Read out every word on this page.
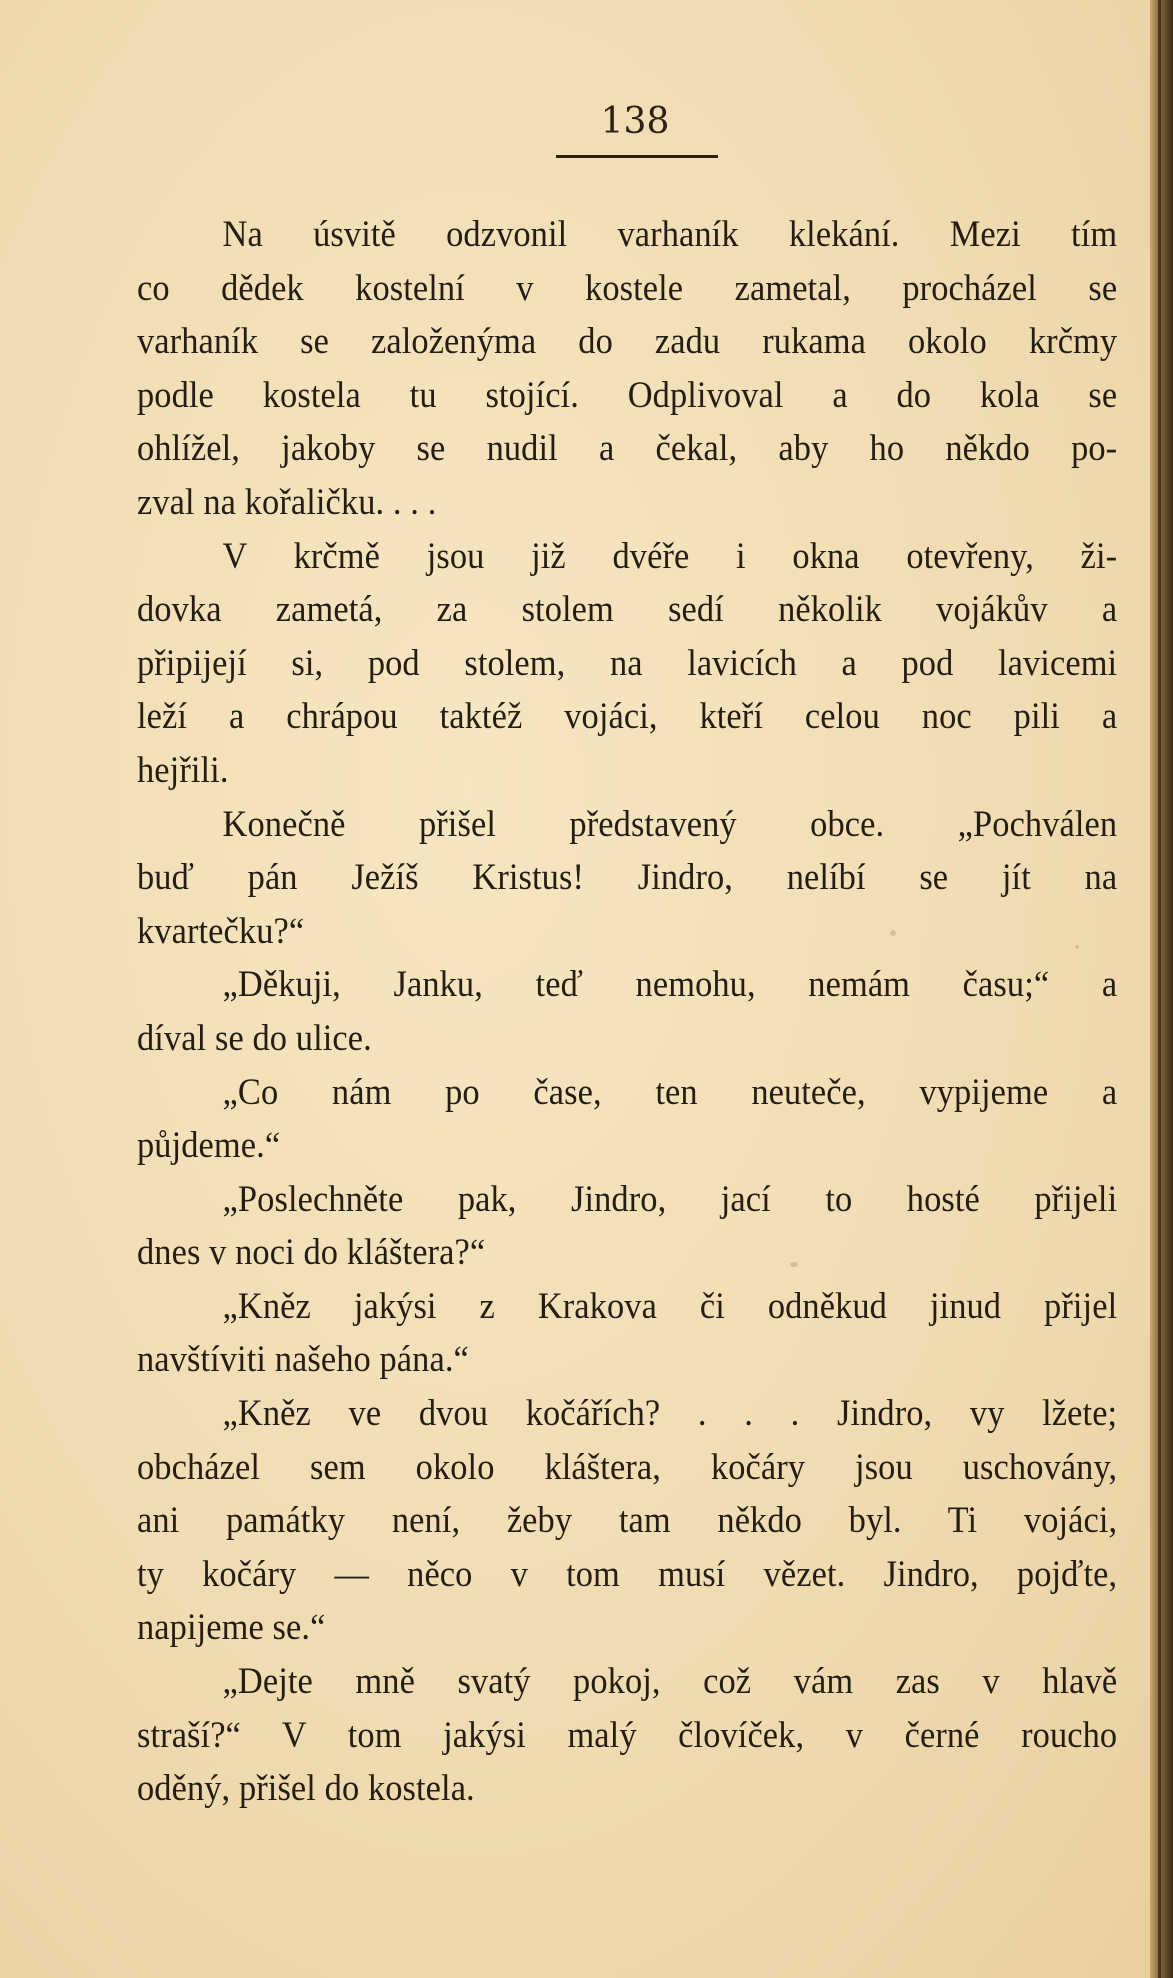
138
Na úsvitě odzvonil varhaník klekání. Mezi tím
co dědek kostelní v kostele zametal, procházel se
varhaník se založenýma do zadu rukama okolo krčmy
podle kostela tu stojící. Odplivoval a do kola se
ohlížel, jakoby se nudil a čekal, aby ho někdo po-
zval na kořaličku. . . .
V krčmě jsou již dvéře i okna otevřeny, ži-
dovka zametá, za stolem sedí několik vojákův a
připijejí si, pod stolem, na lavicích a pod lavicemi
leží a chrápou taktéž vojáci, kteří celou noc pili a
hejřili.
Konečně přišel představený obce. „Pochválen
buď pán Ježíš Kristus! Jindro, nelíbí se jít na
kvartečku?“
„Děkuji, Janku, teď nemohu, nemám času;“ a
díval se do ulice.
„Co nám po čase, ten neuteče, vypijeme a
půjdeme.“
„Poslechněte pak, Jindro, jací to hosté přijeli
dnes v noci do kláštera?“
„Kněz jakýsi z Krakova či odněkud jinud přijel
navštíviti našeho pána.“
„Kněz ve dvou kočářích? . . . Jindro, vy lžete;
obcházel sem okolo kláštera, kočáry jsou uschovány,
ani památky není, žeby tam někdo byl. Ti vojáci,
ty kočáry — něco v tom musí vězet. Jindro, pojďte,
napijeme se.“
„Dejte mně svatý pokoj, což vám zas v hlavě
straší?“ V tom jakýsi malý človíček, v černé roucho
oděný, přišel do kostela.
